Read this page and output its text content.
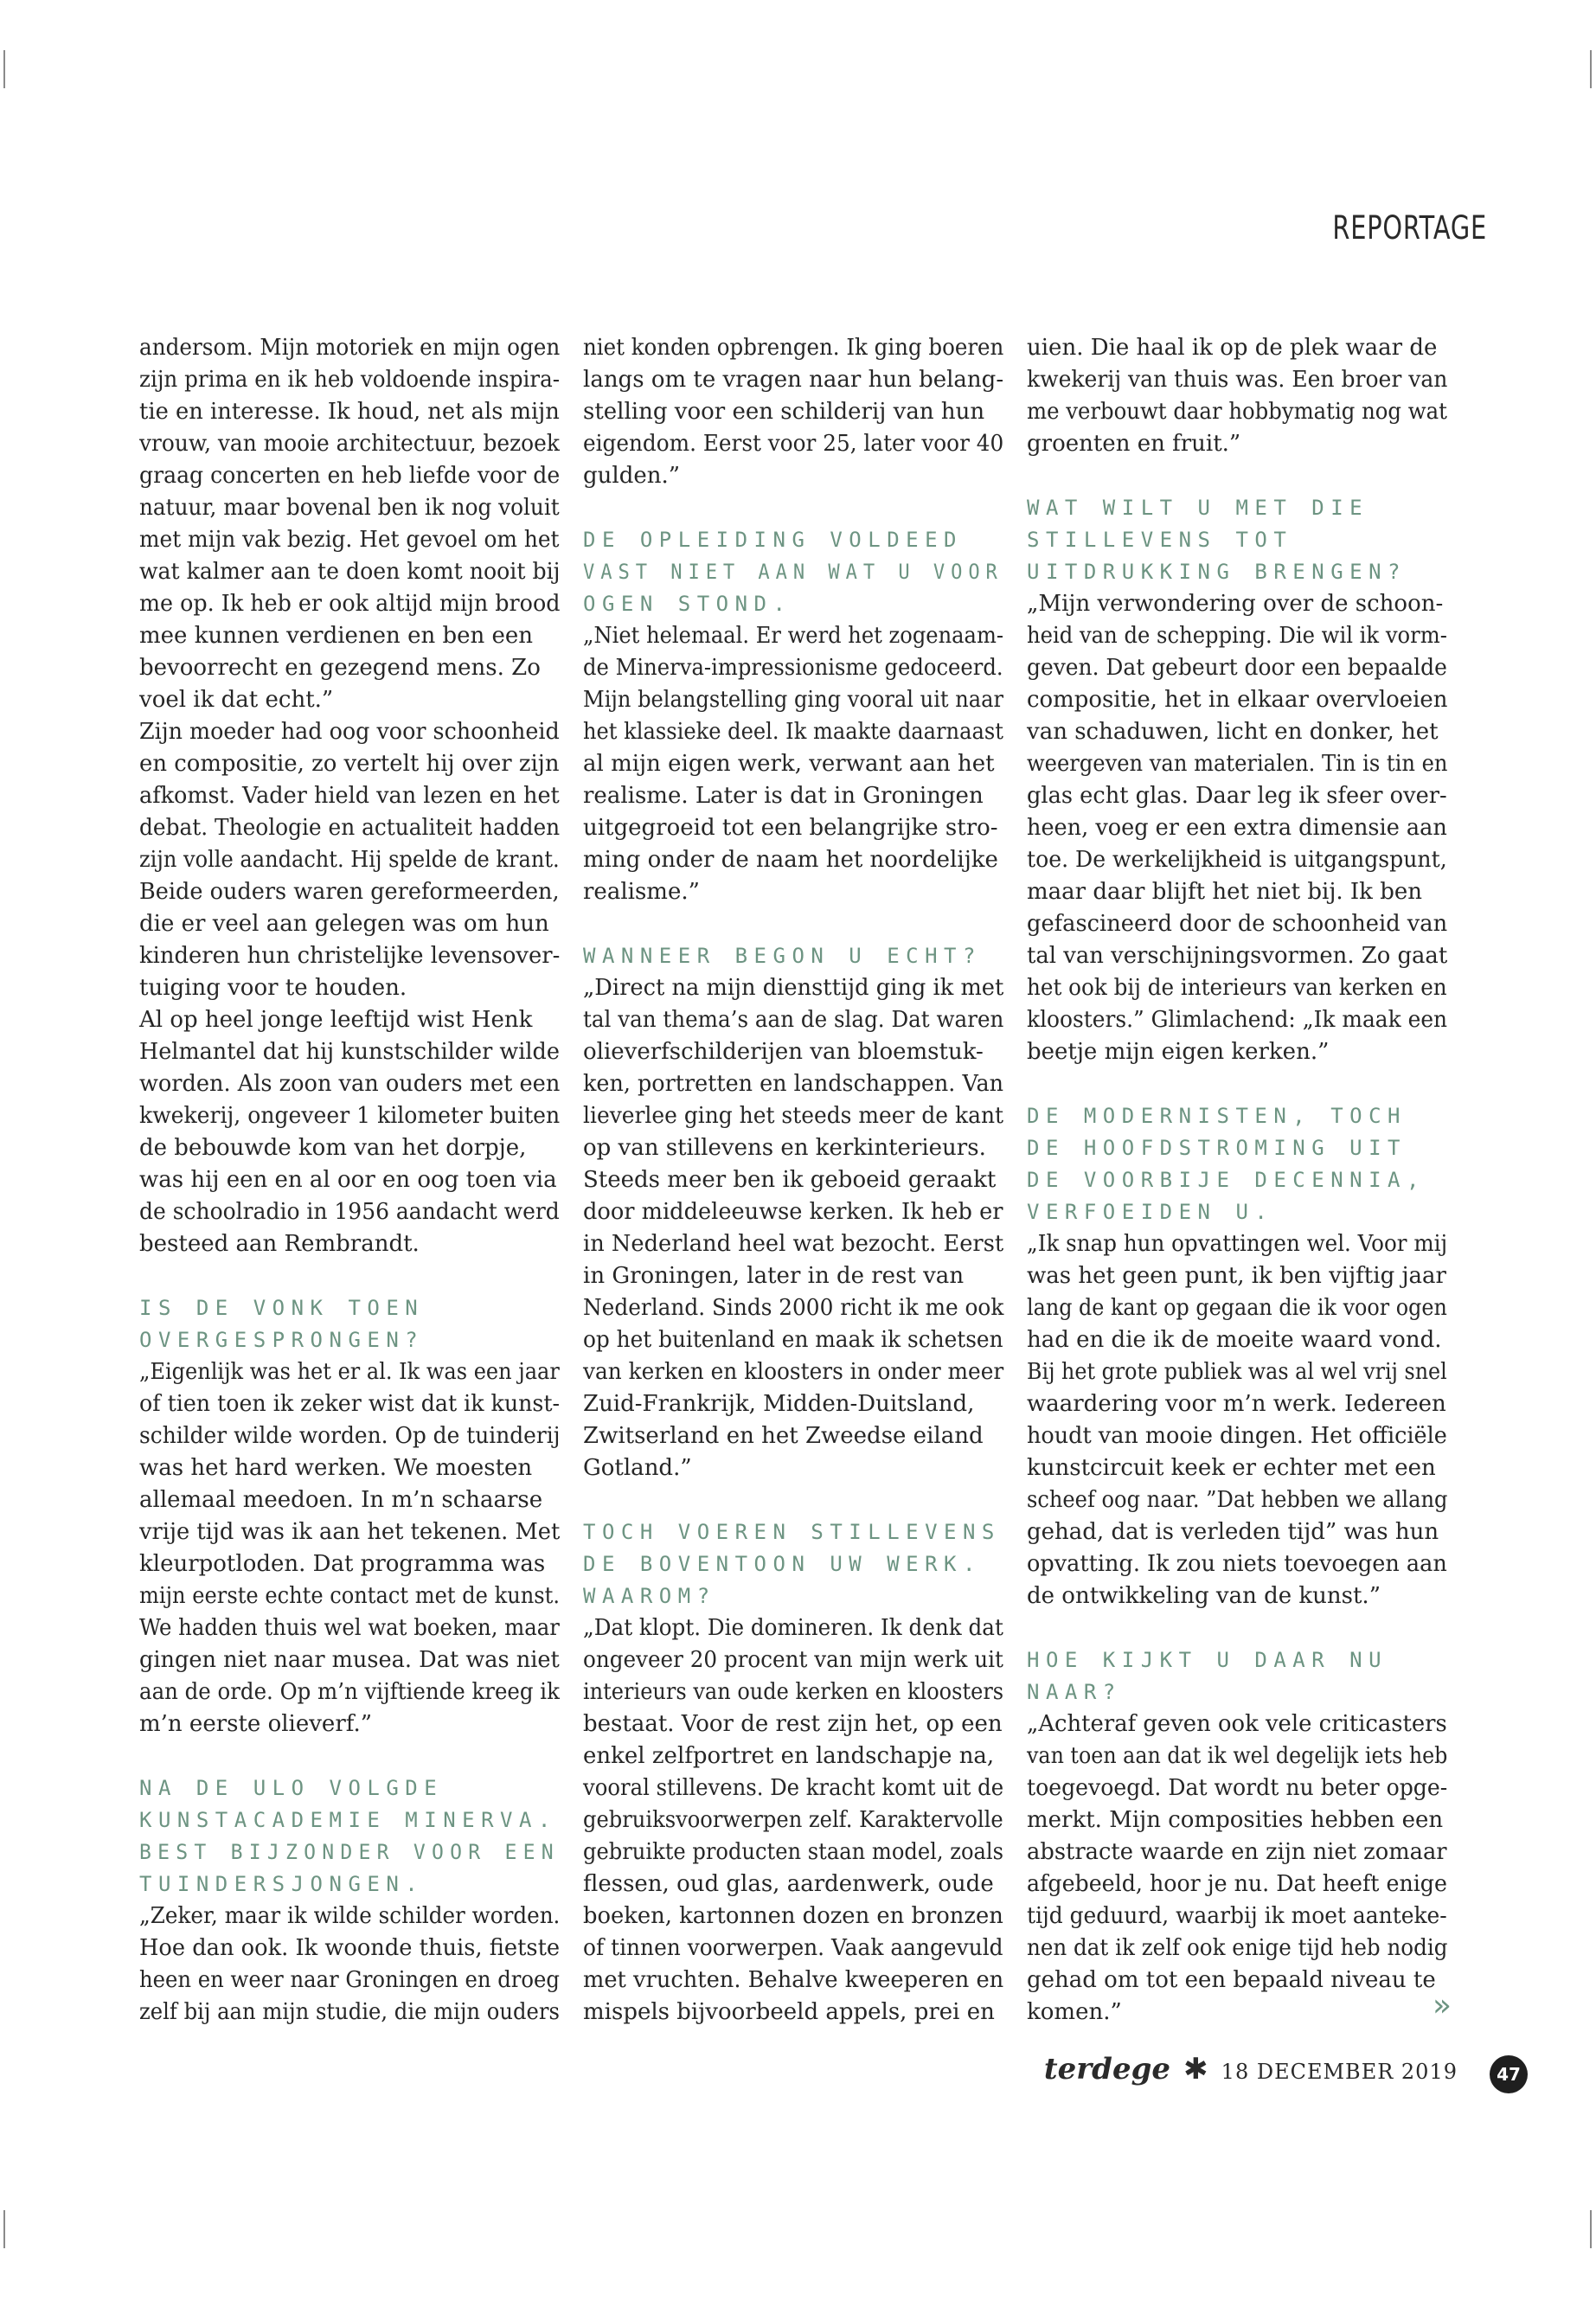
REPORTAGE
andersom. Mijn motoriek en mijn ogen
zijn prima en ik heb voldoende inspira-
tie en interesse. Ik houd, net als mijn
vrouw, van mooie architectuur, bezoek
graag concerten en heb liefde voor de
natuur, maar bovenal ben ik nog voluit
met mijn vak bezig. Het gevoel om het
wat kalmer aan te doen komt nooit bij
me op. Ik heb er ook altijd mijn brood
mee kunnen verdienen en ben een
bevoorrecht en gezegend mens. Zo
voel ik dat echt.”
Zijn moeder had oog voor schoonheid
en compositie, zo vertelt hij over zijn
afkomst. Vader hield van lezen en het
debat. Theologie en actualiteit hadden
zijn volle aandacht. Hij spelde de krant.
Beide ouders waren gereformeerden,
die er veel aan gelegen was om hun
kinderen hun christelijke levensover-
tuiging voor te houden.
Al op heel jonge leeftijd wist Henk
Helmantel dat hij kunstschilder wilde
worden. Als zoon van ouders met een
kwekerij, ongeveer 1 kilometer buiten
de bebouwde kom van het dorpje,
was hij een en al oor en oog toen via
de schoolradio in 1956 aandacht werd
besteed aan Rembrandt.
IS DE VONK TOEN
OVERGESPRONGEN?
„Eigenlijk was het er al. Ik was een jaar
of tien toen ik zeker wist dat ik kunst-
schilder wilde worden. Op de tuinderij
was het hard werken. We moesten
allemaal meedoen. In m’n schaarse
vrije tijd was ik aan het tekenen. Met
kleurpotloden. Dat programma was
mijn eerste echte contact met de kunst.
We hadden thuis wel wat boeken, maar
gingen niet naar musea. Dat was niet
aan de orde. Op m’n vijftiende kreeg ik
m’n eerste olieverf.”
NA DE ULO VOLGDE
KUNSTACADEMIE MINERVA.
BEST BIJZONDER VOOR EEN
TUINDERSJONGEN.
„Zeker, maar ik wilde schilder worden.
Hoe dan ook. Ik woonde thuis, fietste
heen en weer naar Groningen en droeg
zelf bij aan mijn studie, die mijn ouders
niet konden opbrengen. Ik ging boeren
langs om te vragen naar hun belang-
stelling voor een schilderij van hun
eigendom. Eerst voor 25, later voor 40
gulden.”
DE OPLEIDING VOLDEED
VAST NIET AAN WAT U VOOR
OGEN STOND.
„Niet helemaal. Er werd het zogenaam-
de Minerva-impressionisme gedoceerd.
Mijn belangstelling ging vooral uit naar
het klassieke deel. Ik maakte daarnaast
al mijn eigen werk, verwant aan het
realisme. Later is dat in Groningen
uitgegroeid tot een belangrijke stro-
ming onder de naam het noordelijke
realisme.”
WANNEER BEGON U ECHT?
„Direct na mijn diensttijd ging ik met
tal van thema’s aan de slag. Dat waren
olieverfschilderijen van bloemstuk-
ken, portretten en landschappen. Van
lieverlee ging het steeds meer de kant
op van stillevens en kerkinterieurs.
Steeds meer ben ik geboeid geraakt
door middeleeuwse kerken. Ik heb er
in Nederland heel wat bezocht. Eerst
in Groningen, later in de rest van
Nederland. Sinds 2000 richt ik me ook
op het buitenland en maak ik schetsen
van kerken en kloosters in onder meer
Zuid-Frankrijk, Midden-Duitsland,
Zwitserland en het Zweedse eiland
Gotland.”
TOCH VOEREN STILLEVENS
DE BOVENTOON UW WERK.
WAAROM?
„Dat klopt. Die domineren. Ik denk dat
ongeveer 20 procent van mijn werk uit
interieurs van oude kerken en kloosters
bestaat. Voor de rest zijn het, op een
enkel zelfportret en landschapje na,
vooral stillevens. De kracht komt uit de
gebruiksvoorwerpen zelf. Karaktervolle
gebruikte producten staan model, zoals
flessen, oud glas, aardenwerk, oude
boeken, kartonnen dozen en bronzen
of tinnen voorwerpen. Vaak aangevuld
met vruchten. Behalve kweeperen en
mispels bijvoorbeeld appels, prei en
uien. Die haal ik op de plek waar de
kwekerij van thuis was. Een broer van
me verbouwt daar hobbymatig nog wat
groenten en fruit.”
WAT WILT U MET DIE
STILLEVENS TOT
UITDRUKKING BRENGEN?
„Mijn verwondering over de schoon-
heid van de schepping. Die wil ik vorm-
geven. Dat gebeurt door een bepaalde
compositie, het in elkaar overvloeien
van schaduwen, licht en donker, het
weergeven van materialen. Tin is tin en
glas echt glas. Daar leg ik sfeer over-
heen, voeg er een extra dimensie aan
toe. De werkelijkheid is uitgangspunt,
maar daar blijft het niet bij. Ik ben
gefascineerd door de schoonheid van
tal van verschijningsvormen. Zo gaat
het ook bij de interieurs van kerken en
kloosters.” Glimlachend: „Ik maak een
beetje mijn eigen kerken.”
DE MODERNISTEN, TOCH
DE HOOFDSTROMING UIT
DE VOORBIJE DECENNIA,
VERFOEIDEN U.
„Ik snap hun opvattingen wel. Voor mij
was het geen punt, ik ben vijftig jaar
lang de kant op gegaan die ik voor ogen
had en die ik de moeite waard vond.
Bij het grote publiek was al wel vrij snel
waardering voor m’n werk. Iedereen
houdt van mooie dingen. Het officiële
kunstcircuit keek er echter met een
scheef oog naar. ”Dat hebben we allang
gehad, dat is verleden tijd” was hun
opvatting. Ik zou niets toevoegen aan
de ontwikkeling van de kunst.”
HOE KIJKT U DAAR NU
NAAR?
„Achteraf geven ook vele criticasters
van toen aan dat ik wel degelijk iets heb
toegevoegd. Dat wordt nu beter opge-
merkt. Mijn composities hebben een
abstracte waarde en zijn niet zomaar
afgebeeld, hoor je nu. Dat heeft enige
tijd geduurd, waarbij ik moet aanteke-
nen dat ik zelf ook enige tijd heb nodig
gehad om tot een bepaald niveau te
komen.”	»
terdege ✱ 18 DECEMBER 2019	47
